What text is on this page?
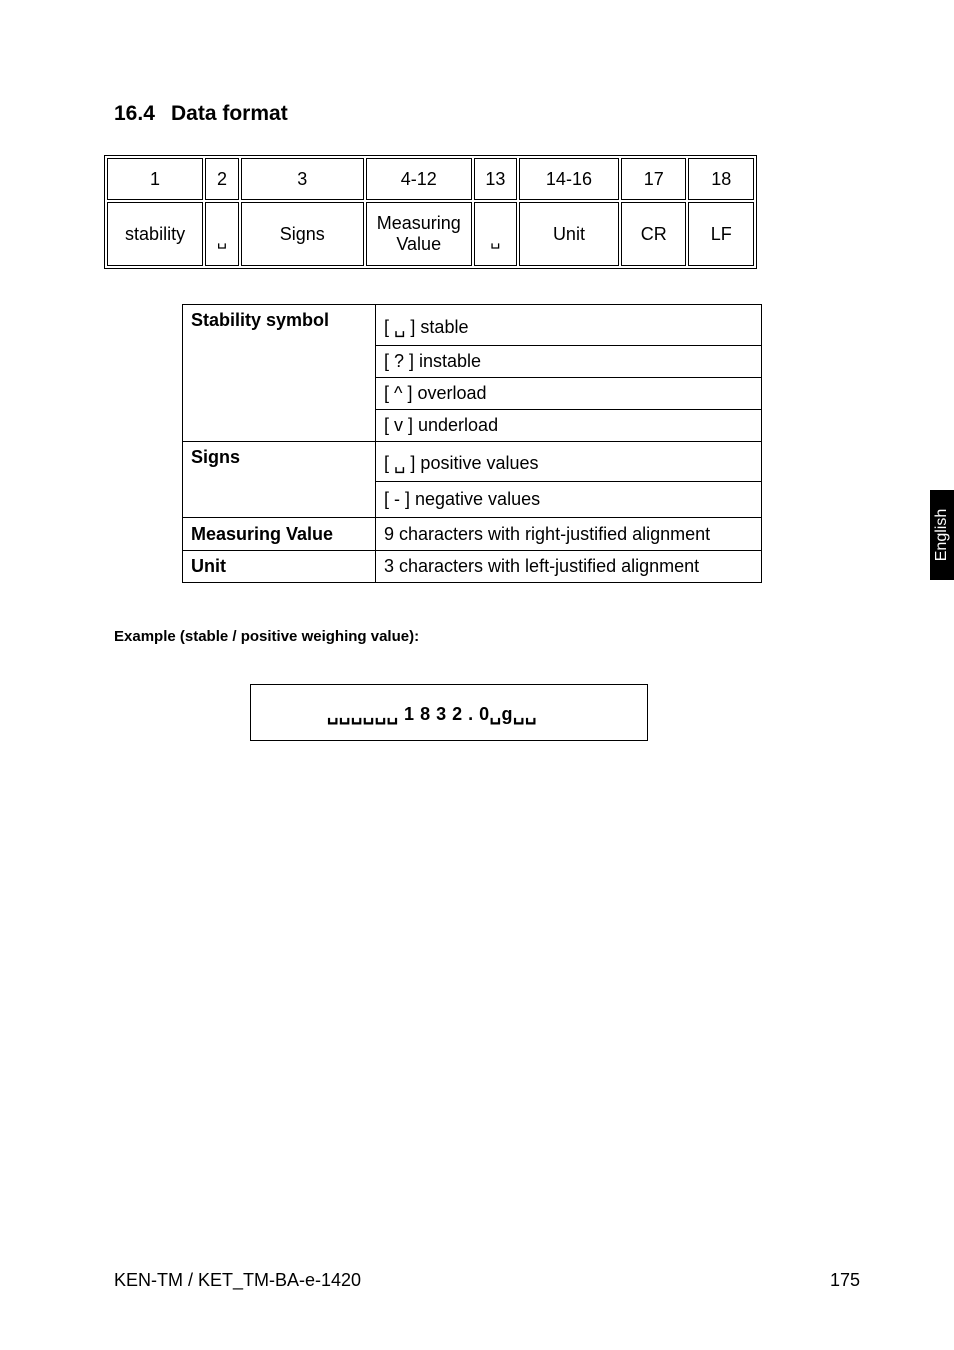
16.4 Data format
1	2	3	4-12	13	14-16	17	18
stability	␣	Signs	Measuring Value	␣	Unit	CR	LF
Stability symbol	[ ␣ ] stable
	[ ? ] instable
	[ ^ ] overload
	[ v ] underload
Signs	[ ␣ ] positive values
	[ - ] negative values
Measuring Value	9 characters with right-justified alignment
Unit	3 characters with left-justified alignment
Example (stable / positive weighing value):
␣␣␣␣␣␣ 1 8 3 2 . 0␣g␣␣
English
KEN-TM / KET_TM-BA-e-1420	175
